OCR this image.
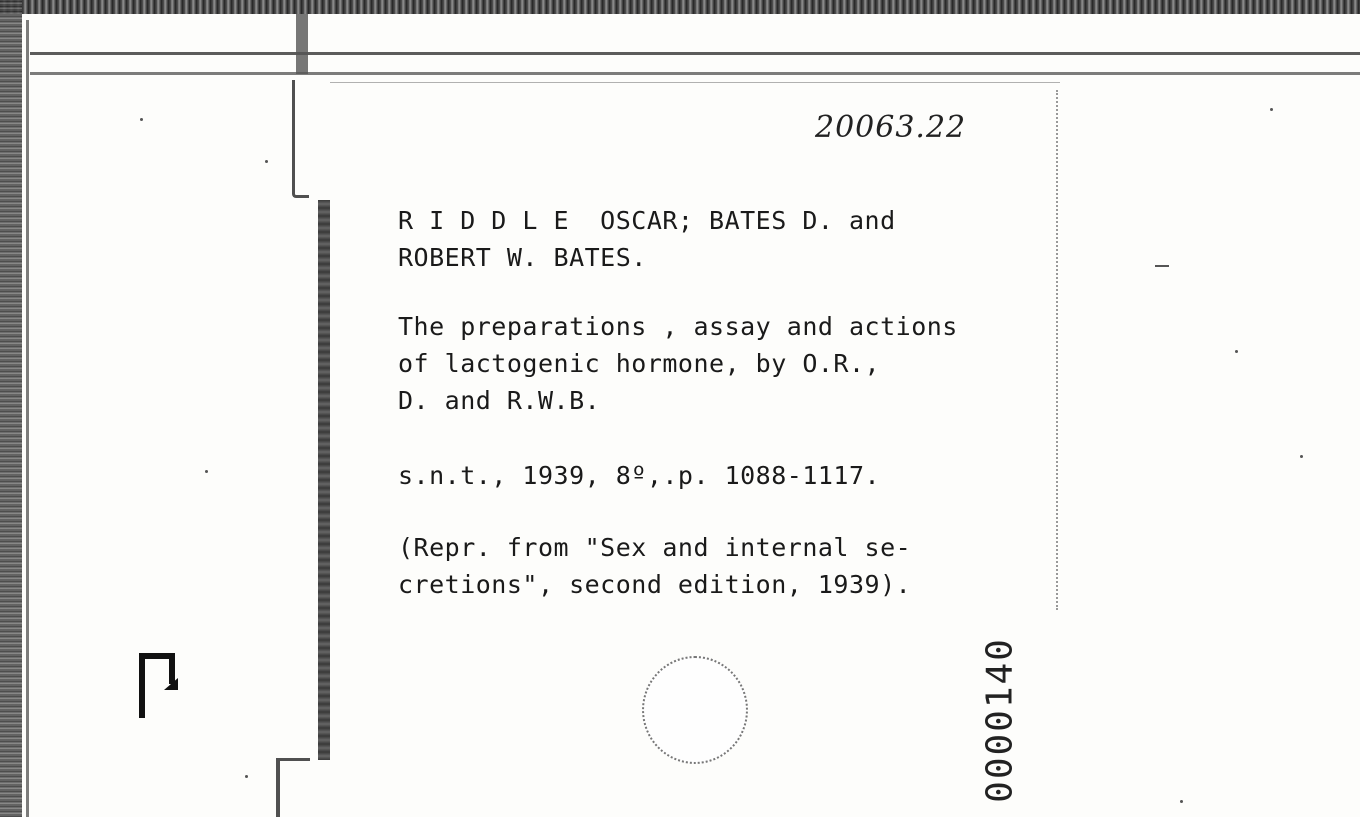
20063.22
R I D D L E  OSCAR; BATES D. and
ROBERT W. BATES.
The preparations , assay and actions
of lactogenic hormone, by O.R.,
D. and R.W.B.
s.n.t., 1939, 8º,.p. 1088-1117.
(Repr. from "Sex and internal se-
cretions", second edition, 1939).
0000140
